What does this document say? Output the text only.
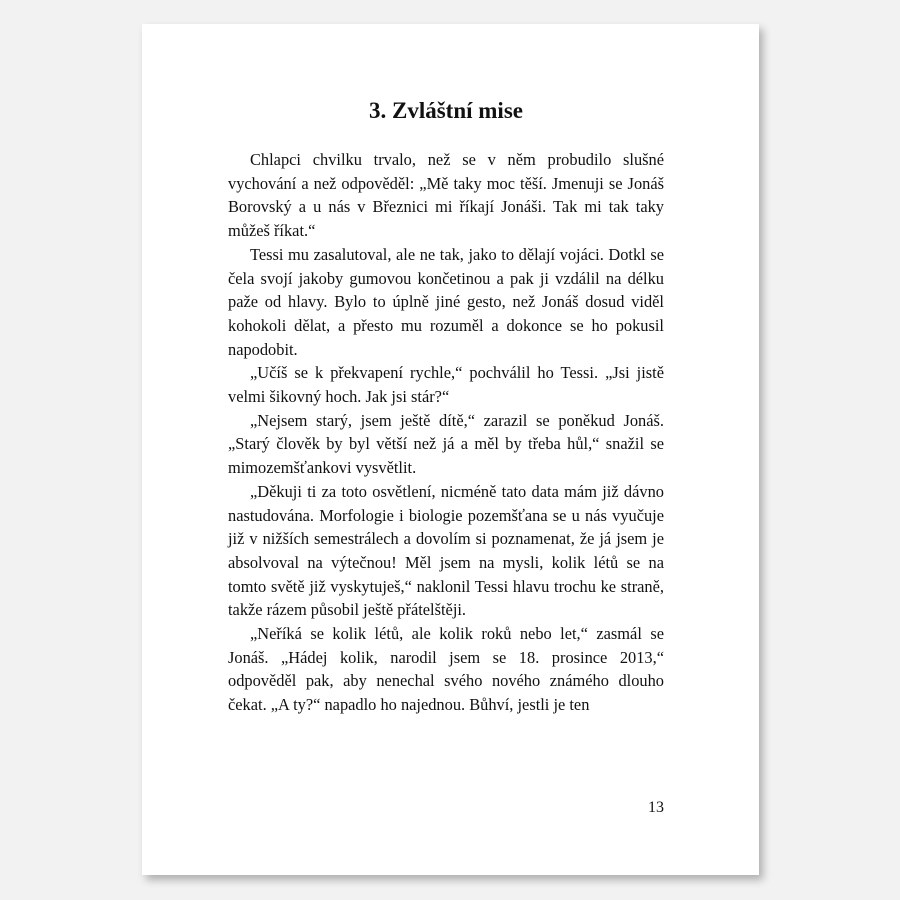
3. Zvláštní mise

Chlapci chvilku trvalo, než se v něm probudilo slušné vychování a než odpověděl: „Mě taky moc těší. Jmenuji se Jonáš Borovský a u nás v Březnici mi říkají Jonáši. Tak mi tak taky můžeš říkat.“

Tessi mu zasalutoval, ale ne tak, jako to dělají vojáci. Dotkl se čela svojí jakoby gumovou končetinou a pak ji vzdálil na délku paže od hlavy. Bylo to úplně jiné gesto, než Jonáš dosud viděl kohokoli dělat, a přesto mu rozuměl a dokonce se ho pokusil napodobit.

„Učíš se k překvapení rychle,“ pochválil ho Tessi. „Jsi jistě velmi šikovný hoch. Jak jsi stár?“

„Nejsem starý, jsem ještě dítě,“ zarazil se poněkud Jonáš. „Starý člověk by byl větší než já a měl by třeba hůl,“ snažil se mimozemšťankovi vysvětlit.

„Děkuji ti za toto osvětlení, nicméně tato data mám již dávno nastudována. Morfologie i biologie pozemšťana se u nás vyučuje již v nižších semestrálech a dovolím si poznamenat, že já jsem je absolvoval na výtečnou! Měl jsem na mysli, kolik létů se na tomto světě již vyskytuješ,“ naklonil Tessi hlavu trochu ke straně, takže rázem působil ještě přátelštěji.

„Neříká se kolik létů, ale kolik roků nebo let,“ zasmál se Jonáš. „Hádej kolik, narodil jsem se 18. prosince 2013,“ odpověděl pak, aby nenechal svého nového známého dlouho čekat. „A ty?“ napadlo ho najednou. Bůhví, jestli je ten

13
